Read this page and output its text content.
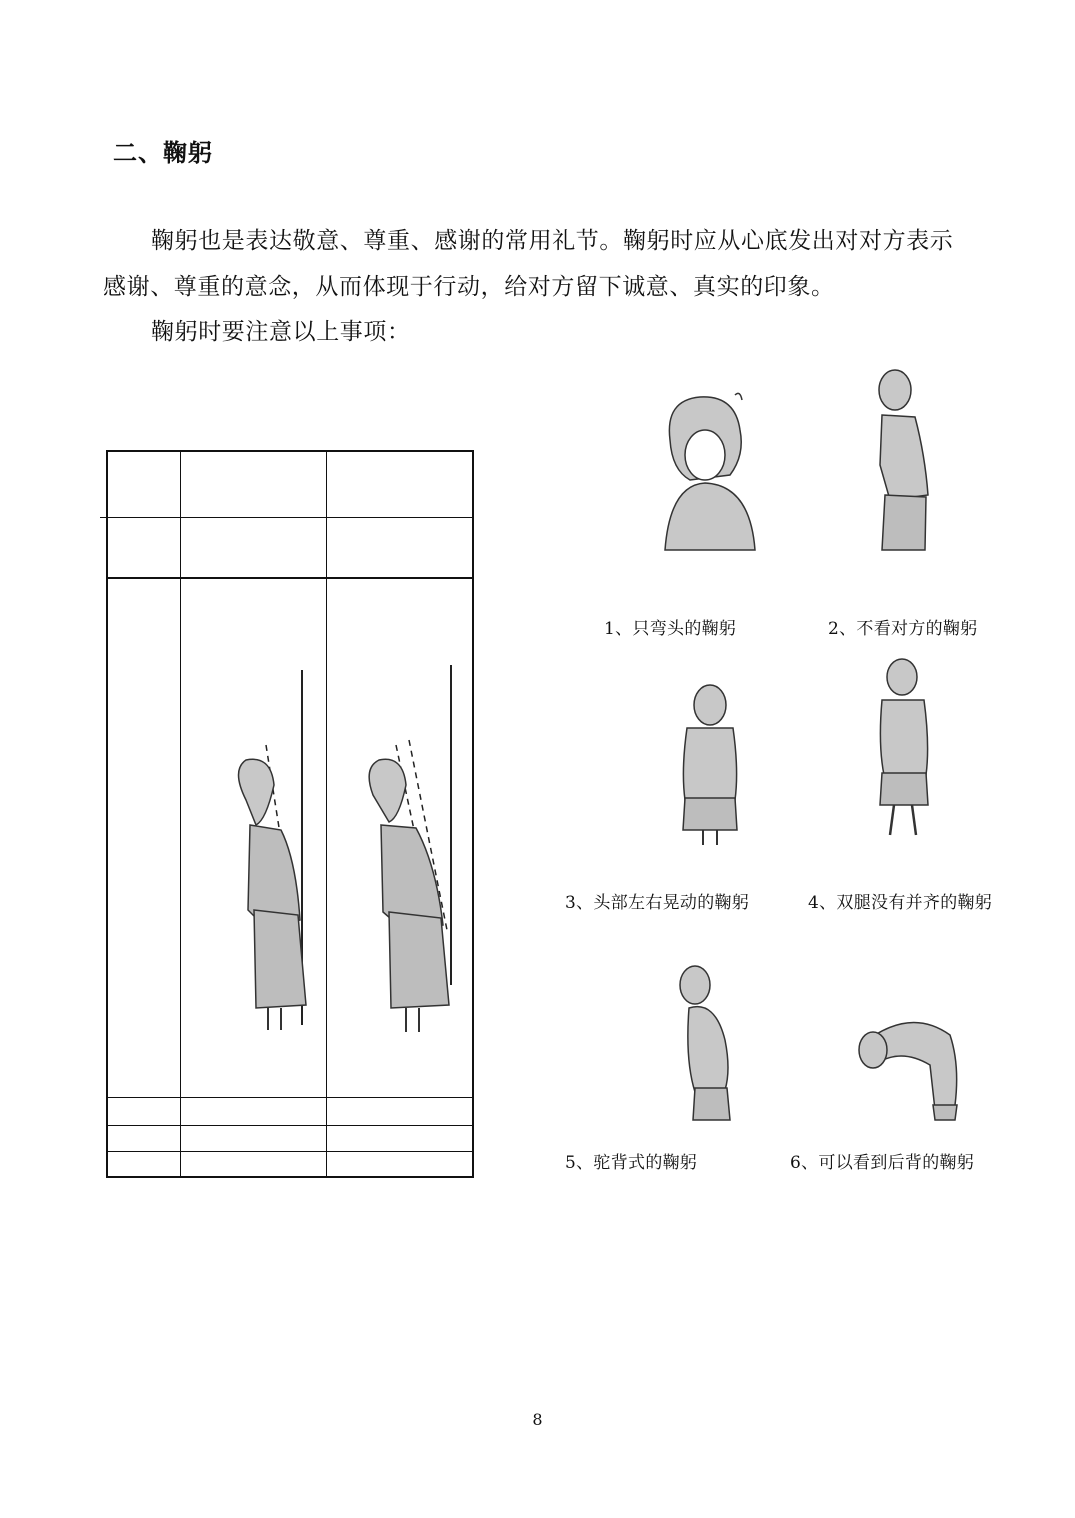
二、鞠躬

鞠躬也是表达敬意、尊重、感谢的常用礼节。鞠躬时应从心底发出对对方表示感谢、尊重的意念，从而体现于行动，给对方留下诚意、真实的印象。

鞠躬时要注意以上事项：

1、只弯头的鞠躬	2、不看对方的鞠躬
3、头部左右晃动的鞠躬	4、双腿没有并齐的鞠躬
5、驼背式的鞠躬	6、可以看到后背的鞠躬
8
